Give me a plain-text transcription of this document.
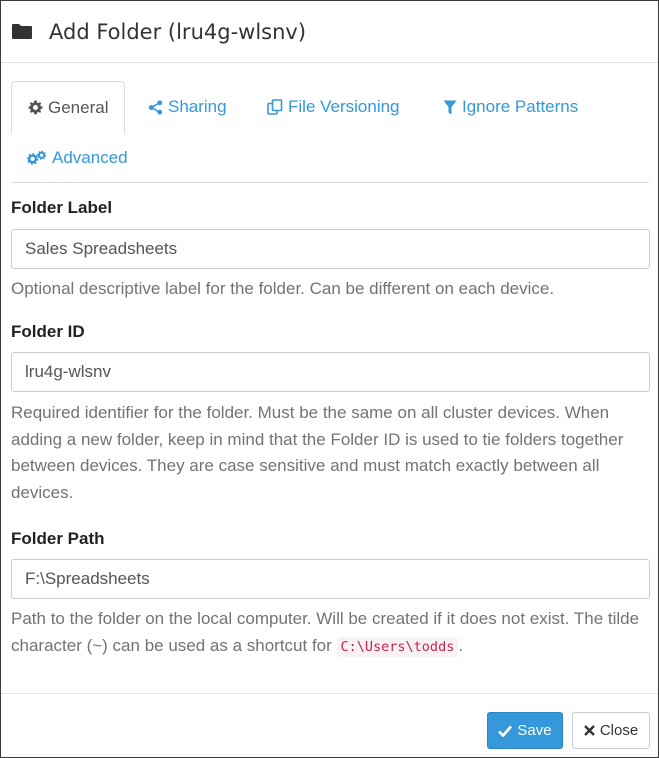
Add Folder (lru4g-wlsnv)
General	Sharing	File Versioning	Ignore Patterns
Advanced
Folder Label
Sales Spreadsheets
Optional descriptive label for the folder. Can be different on each device.
Folder ID
lru4g-wlsnv
Required identifier for the folder. Must be the same on all cluster devices. When adding a new folder, keep in mind that the Folder ID is used to tie folders together between devices. They are case sensitive and must match exactly between all devices.
Folder Path
F:\Spreadsheets
Path to the folder on the local computer. Will be created if it does not exist. The tilde character (~) can be used as a shortcut for C:\Users\todds .
Save	Close
